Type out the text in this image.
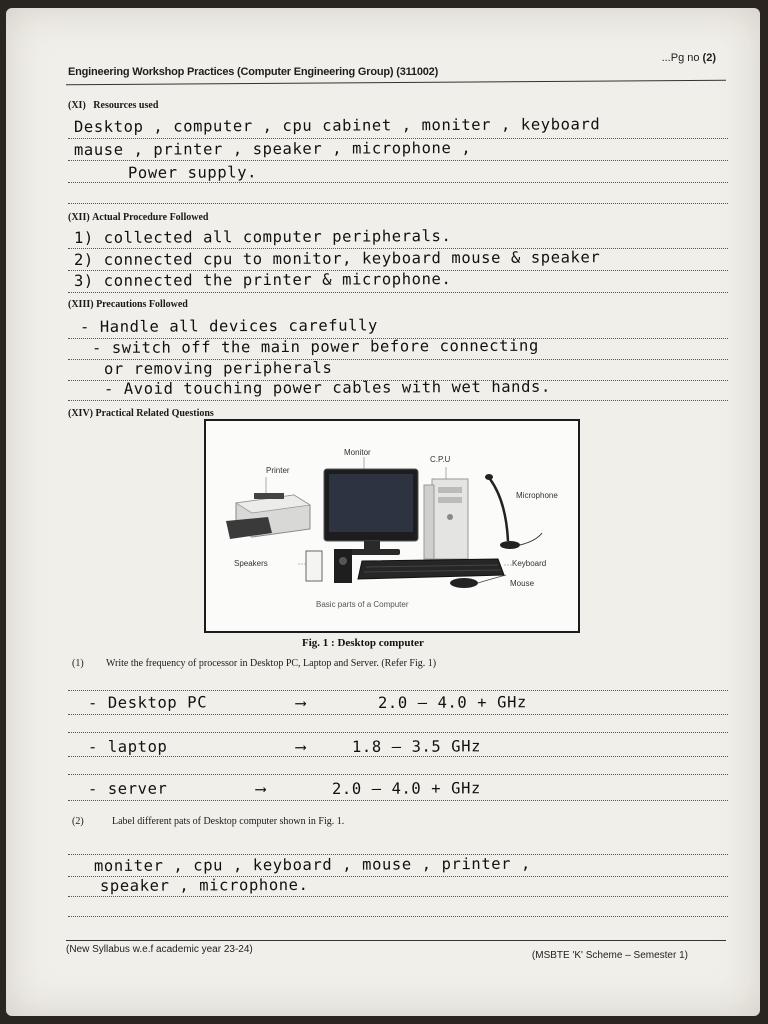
...Pg no (2)
Engineering Workshop Practices (Computer Engineering Group) (311002)
(XI) Resources used
Desktop , computer , cpu cabinet , moniter , keyboard
mause , printer , speaker , microphone ,
Power supply.
(XII) Actual Procedure Followed
1) collected all computer peripherals.
2) connected cpu to monitor, keyboard mouse & speaker
3) connected the printer & microphone.
(XIII) Precautions Followed
- Handle all devices carefully
- switch off the main power before connecting
or removing peripherals
- Avoid touching power cables with wet hands.
(XIV) Practical Related Questions
Monitor
C.P.U
Printer
Microphone
Speakers	Keyboard
Mouse
Basic parts of a Computer
Fig. 1 : Desktop computer
(1) Write the frequency of processor in Desktop PC, Laptop and Server. (Refer Fig. 1)
- Desktop PC	⟶	2.0 — 4.0 + GHz
- laptop	⟶	1.8 — 3.5 GHz
- server	⟶	2.0 — 4.0 + GHz
(2)	Label different pats of Desktop computer shown in Fig. 1.
moniter , cpu , keyboard , mouse , printer ,
speaker , microphone.
(New Syllabus w.e.f academic year 23-24)
(MSBTE 'K' Scheme – Semester 1)
